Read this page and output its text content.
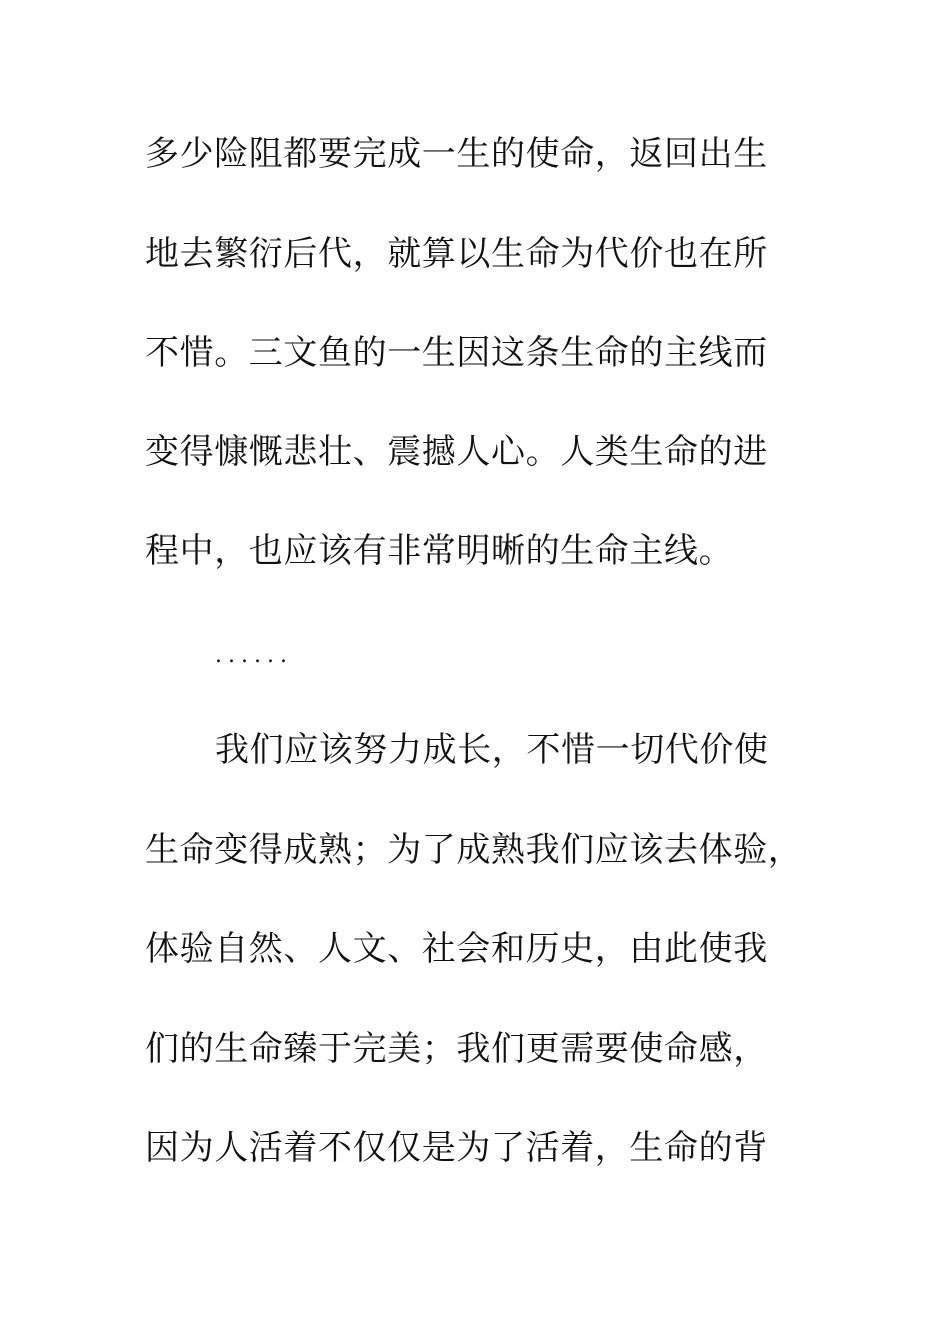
多少险阻都要完成一生的使命，返回出生
地去繁衍后代，就算以生命为代价也在所
不惜。三文鱼的一生因这条生命的主线而
变得慷慨悲壮、震撼人心。人类生命的进
程中，也应该有非常明晰的生命主线。
......
我们应该努力成长，不惜一切代价使
生命变得成熟；为了成熟我们应该去体验，
体验自然、人文、社会和历史，由此使我
们的生命臻于完美；我们更需要使命感，
因为人活着不仅仅是为了活着，生命的背
